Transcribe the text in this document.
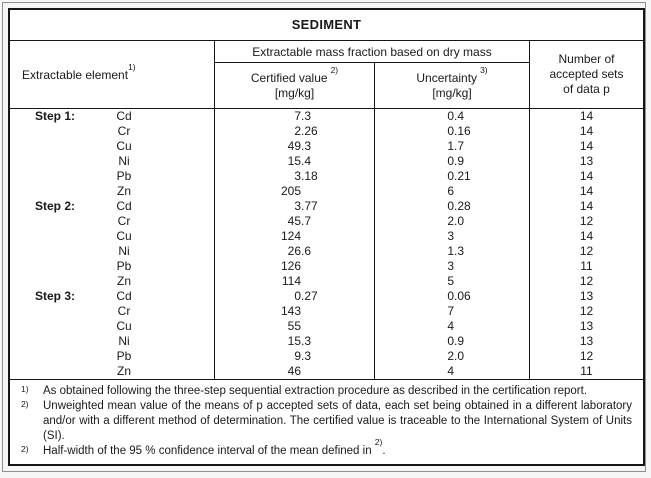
SEDIMENT
Extractable element$^{1)}$
Extractable mass fraction based on dry mass
Number of
accepted sets
of data p
Certified value$^{2)}$
[mg/kg]
Uncertainty$^{3)}$
[mg/kg]
Step 1:	Cd	7 .3	0 .4	14
Cr	2 .26	0 .16	14
Cu	49 .3	1 .7	14
Ni	15 .4	0 .9	13
Pb	3 .18	0 .21	14
Zn	205	6	14
Step 2:	Cd	3 .77	0 .28	14
Cr	45 .7	2 .0	12
Cu	124	3	14
Ni	26 .6	1 .3	12
Pb	126	3	11
Zn	114	5	12
Step 3:	Cd	0 .27	0 .06	13
Cr	143	7	12
Cu	55	4	13
Ni	15 .3	0 .9	13
Pb	9 .3	2 .0	12
Zn	46	4	11
1) As obtained following the three-step sequential extraction procedure as described in the certification report.
2) Unweighted mean value of the means of p accepted sets of data, each set being obtained in a different laboratory and/or with a different method of determination. The certified value is traceable to the International System of Units (SI).
2) Half-width of the 95 % confidence interval of the mean defined in $^{2)}$.
